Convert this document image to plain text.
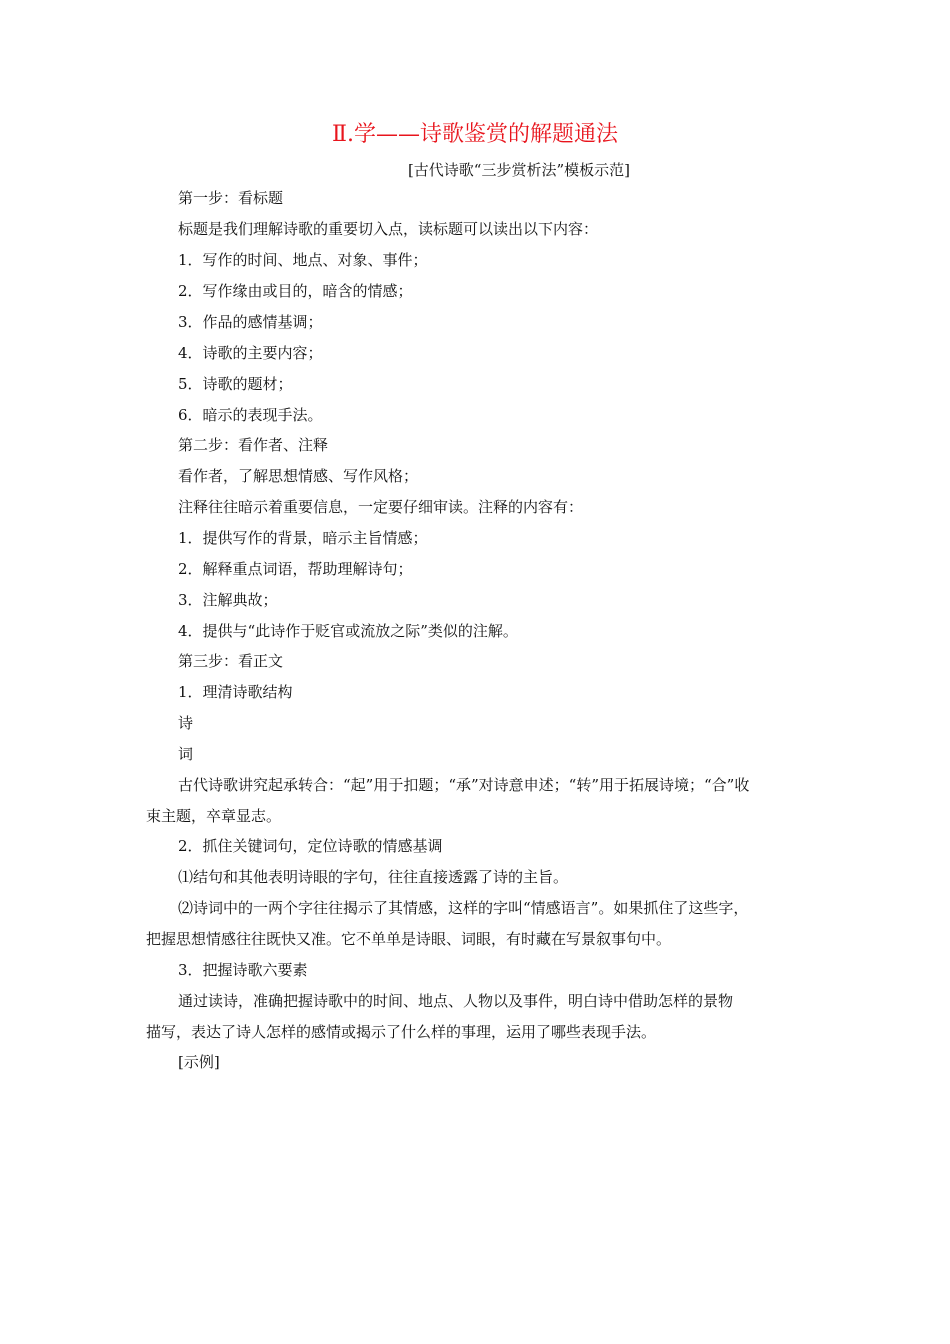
Ⅱ.学——诗歌鉴赏的解题通法
[古代诗歌“三步赏析法”模板示范]
第一步：看标题
标题是我们理解诗歌的重要切入点，读标题可以读出以下内容：
1．写作的时间、地点、对象、事件；
2．写作缘由或目的，暗含的情感；
3．作品的感情基调；
4．诗歌的主要内容；
5．诗歌的题材；
6．暗示的表现手法。
第二步：看作者、注释
看作者，了解思想情感、写作风格；
注释往往暗示着重要信息，一定要仔细审读。注释的内容有：
1．提供写作的背景，暗示主旨情感；
2．解释重点词语，帮助理解诗句；
3．注解典故；
4．提供与“此诗作于贬官或流放之际”类似的注解。
第三步：看正文
1．理清诗歌结构
诗
词
古代诗歌讲究起承转合：“起”用于扣题；“承”对诗意申述；“转”用于拓展诗境；“合”收
束主题，卒章显志。
2．抓住关键词句，定位诗歌的情感基调
⑴结句和其他表明诗眼的字句，往往直接透露了诗的主旨。
⑵诗词中的一两个字往往揭示了其情感，这样的字叫“情感语言”。如果抓住了这些字，
把握思想情感往往既快又准。它不单单是诗眼、词眼，有时藏在写景叙事句中。
3．把握诗歌六要素
通过读诗，准确把握诗歌中的时间、地点、人物以及事件，明白诗中借助怎样的景物
描写，表达了诗人怎样的感情或揭示了什么样的事理，运用了哪些表现手法。
[示例]
